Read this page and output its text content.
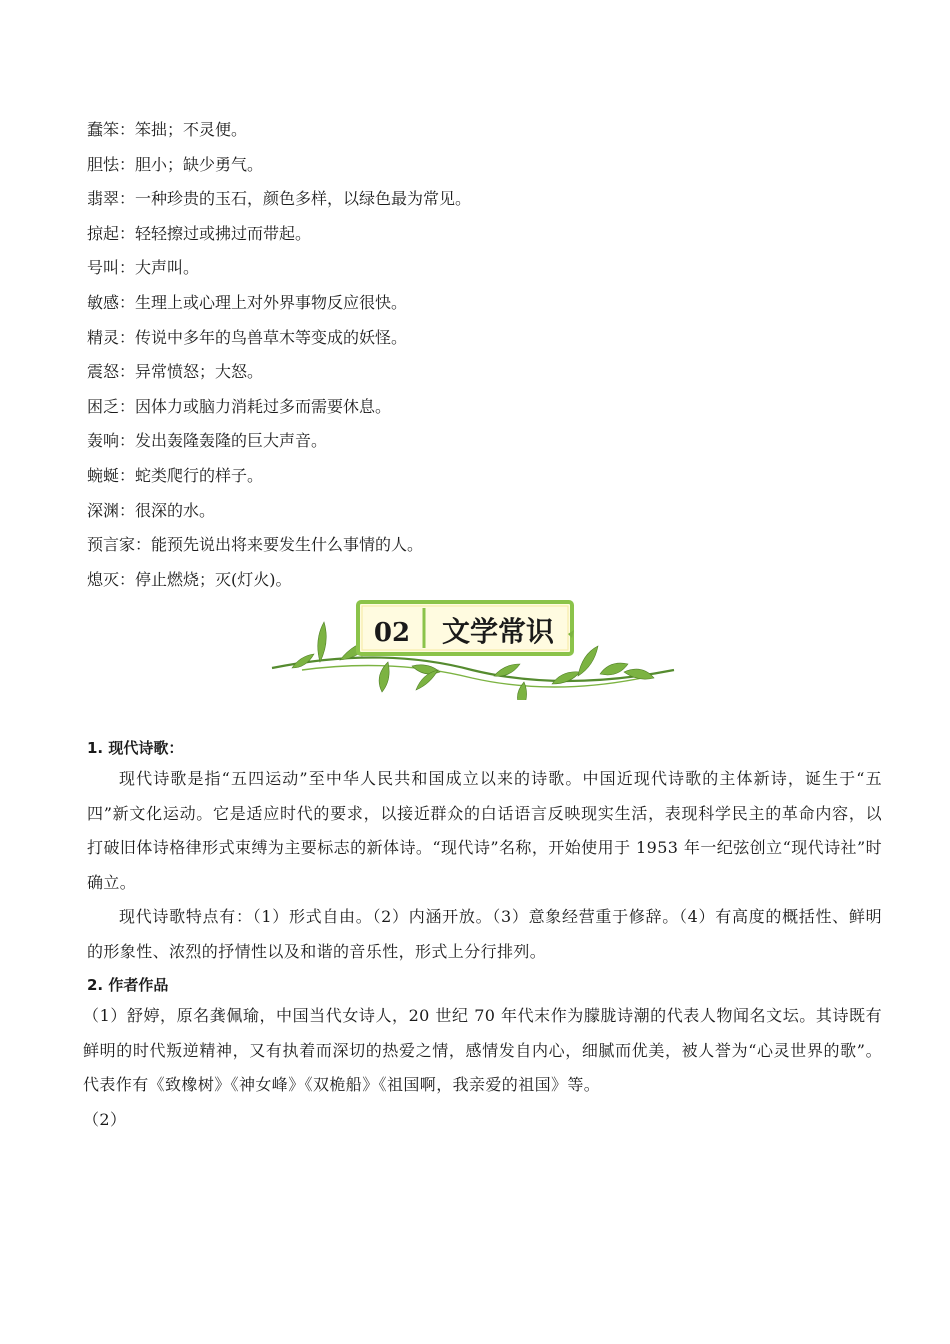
蠢笨：笨拙；不灵便。
胆怯：胆小；缺少勇气。
翡翠：一种珍贵的玉石，颜色多样，以绿色最为常见。
掠起：轻轻擦过或拂过而带起。
号叫：大声叫。
敏感：生理上或心理上对外界事物反应很快。
精灵：传说中多年的鸟兽草木等变成的妖怪。
震怒：异常愤怒；大怒。
困乏：因体力或脑力消耗过多而需要休息。
轰响：发出轰隆轰隆的巨大声音。
蜿蜒：蛇类爬行的样子。
深渊：很深的水。
预言家：能预先说出将来要发生什么事情的人。
熄灭：停止燃烧；灭(灯火)。
02 文学常识

1. 现代诗歌：

现代诗歌是指“五四运动”至中华人民共和国成立以来的诗歌。中国近现代诗歌的主体新诗，诞生于“五四”新文化运动。它是适应时代的要求，以接近群众的白话语言反映现实生活，表现科学民主的革命内容，以打破旧体诗格律形式束缚为主要标志的新体诗。“现代诗”名称，开始使用于 1953 年一纪弦创立“现代诗社”时确立。

现代诗歌特点有：（1）形式自由。（2）内涵开放。（3）意象经营重于修辞。（4）有高度的概括性、鲜明的形象性、浓烈的抒情性以及和谐的音乐性，形式上分行排列。

2. 作者作品

（1）舒婷，原名龚佩瑜，中国当代女诗人，20 世纪 70 年代末作为朦胧诗潮的代表人物闻名文坛。其诗既有鲜明的时代叛逆精神，又有执着而深切的热爱之情，感情发自内心，细腻而优美，被人誉为“心灵世界的歌”。代表作有《致橡树》《神女峰》《双桅船》《祖国啊，我亲爱的祖国》等。

（2）
